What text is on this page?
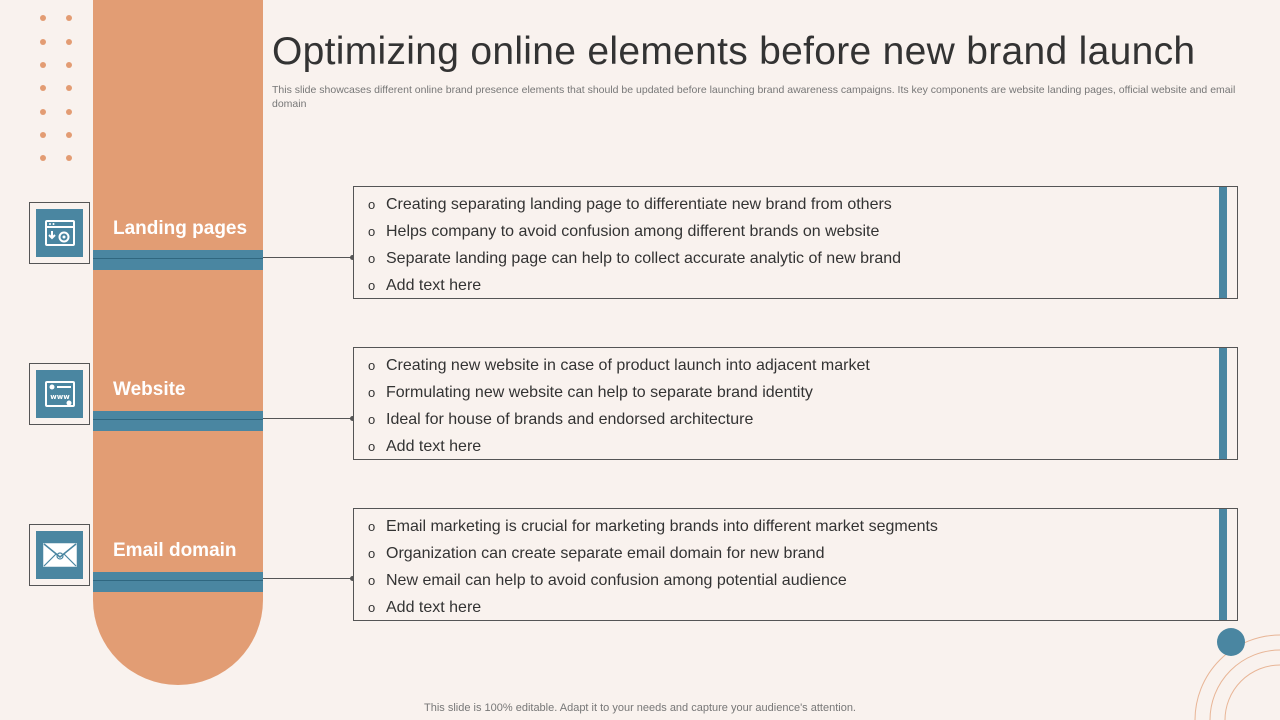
Optimizing online elements before new brand launch
This slide showcases different online brand presence elements that should be updated before launching brand awareness campaigns. Its key components are website landing pages, official website and email domain
Landing pages
o Creating separating landing page to differentiate new brand from others
o Helps company to avoid confusion among different brands on website
o Separate landing page can help to collect accurate analytic of new brand
o Add text here
www Website
o Creating new website in case of product launch into adjacent market
o Formulating new website can help to separate brand identity
o Ideal for house of brands and endorsed architecture
o Add text here
Email domain
o Email marketing is crucial for marketing brands into different market segments
o Organization can create separate email domain for new brand
o New email can help to avoid confusion among potential audience
o Add text here
This slide is 100% editable. Adapt it to your needs and capture your audience's attention.
